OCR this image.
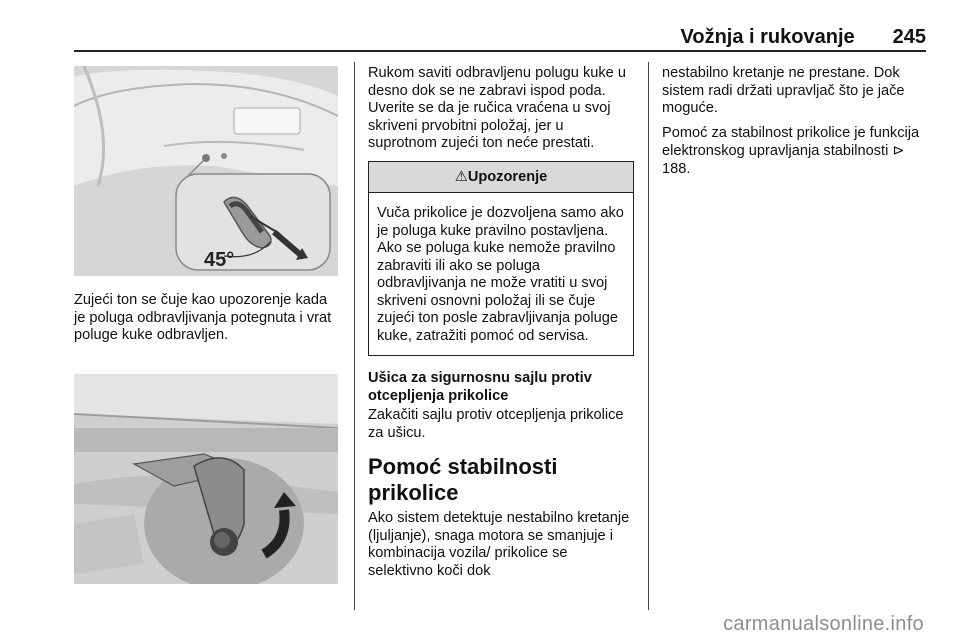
Vožnja i rukovanje 245
45°

Zujeći ton se čuje kao upozorenje kada je poluga odbravljivanja potegnuta i vrat poluge kuke odbravljen.

Rukom saviti odbravljenu polugu kuke u desno dok se ne zabravi ispod poda. Uverite se da je ručica vraćena u svoj skriveni prvobitni položaj, jer u suprotnom zujeći ton neće prestati.

⚠Upozorenje
Vuča prikolice je dozvoljena samo ako je poluga kuke pravilno postavljena. Ako se poluga kuke nemože pravilno zabraviti ili ako se poluga odbravljivanja ne može vratiti u svoj skriveni osnovni položaj ili se čuje zujeći ton posle zabravljivanja poluge kuke, zatražiti pomoć od servisa.
Ušica za sigurnosnu sajlu protiv otcepljenja prikolice

Zakačiti sajlu protiv otcepljenja prikolice za ušicu.

Pomoć stabilnosti prikolice

Ako sistem detektuje nestabilno kretanje (ljuljanje), snaga motora se smanjuje i kombinacija vozila/ prikolice se selektivno koči dok

nestabilno kretanje ne prestane. Dok sistem radi držati upravljač što je jače moguće.

Pomoć za stabilnost prikolice je funkcija elektronskog upravljanja stabilnosti ⊳ 188.

carmanualsonline.info
